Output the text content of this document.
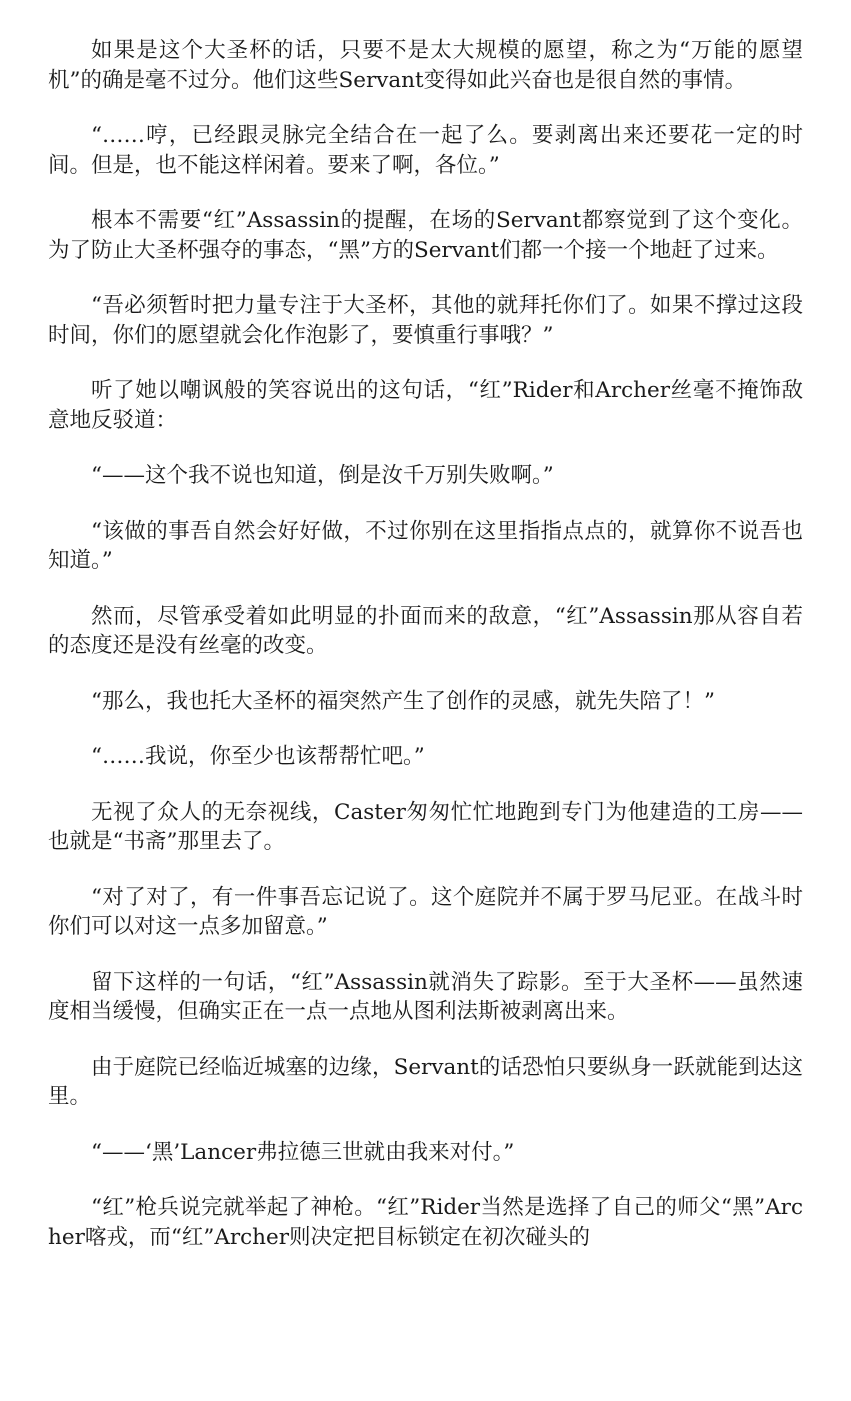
如果是这个大圣杯的话，只要不是太大规模的愿望，称之为“万能的愿望机”的确是毫不过分。他们这些Servant变得如此兴奋也是很自然的事情。

“……哼，已经跟灵脉完全结合在一起了么。要剥离出来还要花一定的时间。但是，也不能这样闲着。要来了啊，各位。”

根本不需要“红”Assassin的提醒，在场的Servant都察觉到了这个变化。为了防止大圣杯强夺的事态，“黑”方的Servant们都一个接一个地赶了过来。

“吾必须暂时把力量专注于大圣杯，其他的就拜托你们了。如果不撑过这段时间，你们的愿望就会化作泡影了，要慎重行事哦？”

听了她以嘲讽般的笑容说出的这句话，“红”Rider和Archer丝毫不掩饰敌意地反驳道：

“——这个我不说也知道，倒是汝千万别失败啊。”

“该做的事吾自然会好好做，不过你别在这里指指点点的，就算你不说吾也知道。”

然而，尽管承受着如此明显的扑面而来的敌意，“红”Assassin那从容自若的态度还是没有丝毫的改变。

“那么，我也托大圣杯的福突然产生了创作的灵感，就先失陪了！”

“……我说，你至少也该帮帮忙吧。”

无视了众人的无奈视线，Caster匆匆忙忙地跑到专门为他建造的工房——也就是“书斋”那里去了。

“对了对了，有一件事吾忘记说了。这个庭院并不属于罗马尼亚。在战斗时你们可以对这一点多加留意。”

留下这样的一句话，“红”Assassin就消失了踪影。至于大圣杯——虽然速度相当缓慢，但确实正在一点一点地从图利法斯被剥离出来。

由于庭院已经临近城塞的边缘，Servant的话恐怕只要纵身一跃就能到达这里。

“——‘黑’Lancer弗拉德三世就由我来对付。”

“红”枪兵说完就举起了神枪。“红”Rider当然是选择了自己的师父“黑”Archer喀戎，而“红”Archer则决定把目标锁定在初次碰头的
